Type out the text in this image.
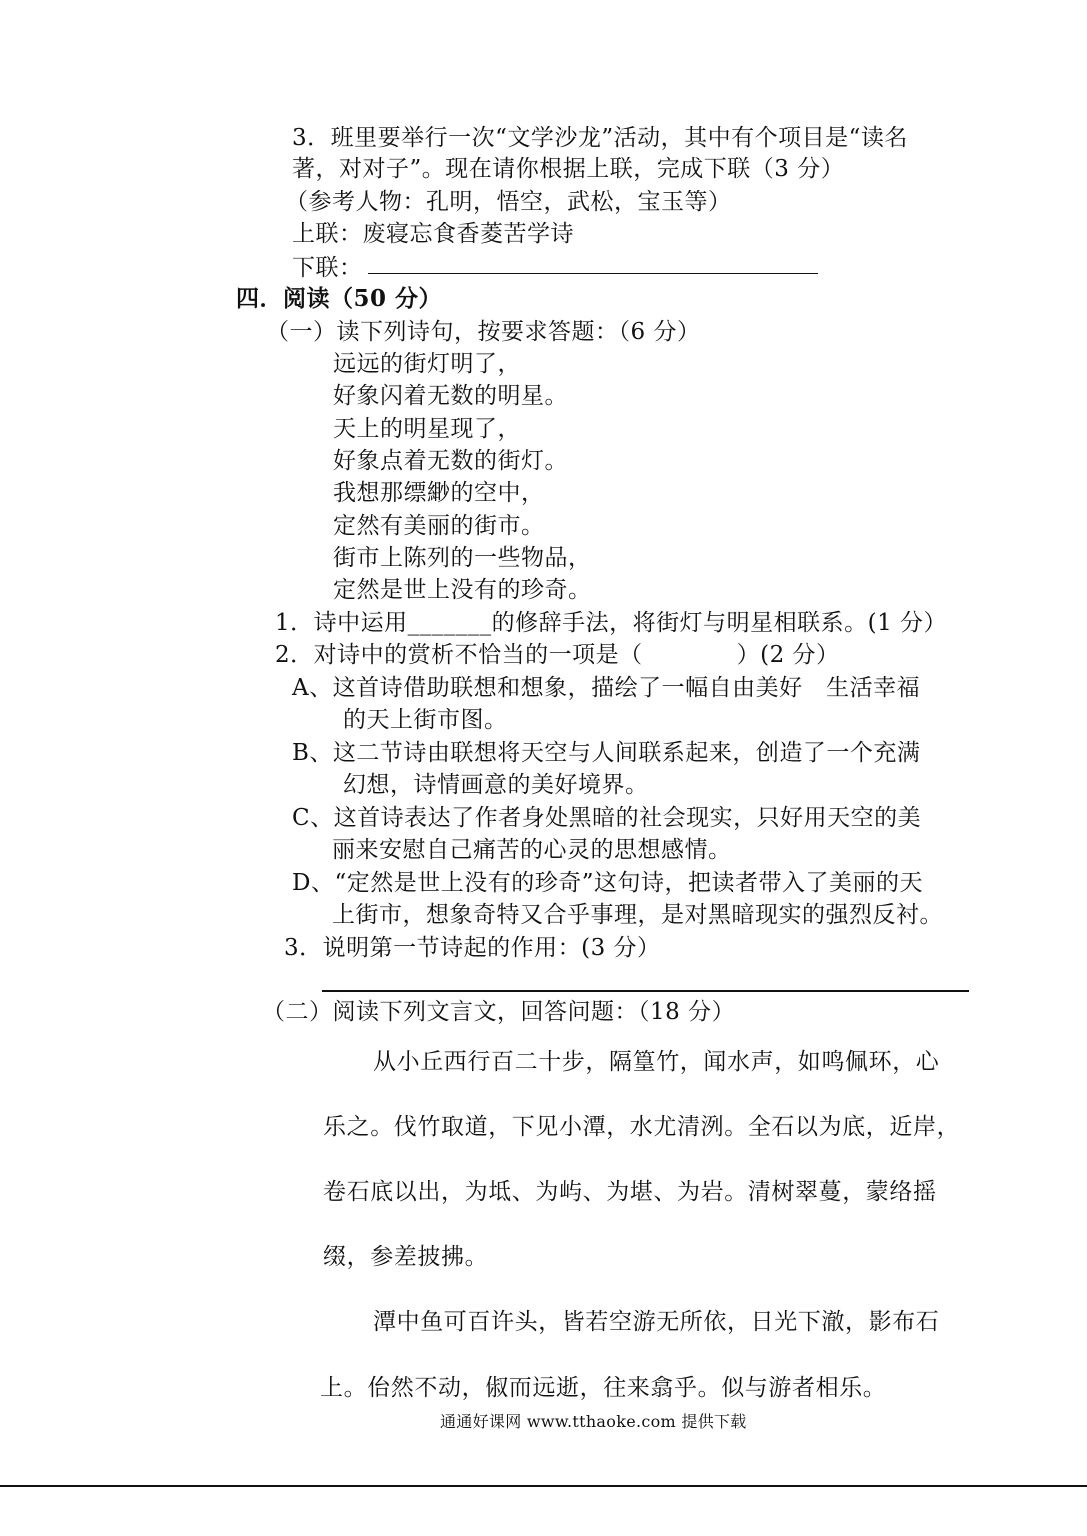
3．班里要举行一次“文学沙龙”活动，其中有个项目是“读名
著，对对子”。现在请你根据上联，完成下联（3 分）
（参考人物：孔明，悟空，武松，宝玉等）
上联：废寝忘食香菱苦学诗
下联：
四．阅读（50 分）
（一）读下列诗句，按要求答题：（6 分）
远远的街灯明了，
好象闪着无数的明星。
天上的明星现了，
好象点着无数的街灯。
我想那缥緲的空中，
定然有美丽的街市。
街市上陈列的一些物品，
定然是世上没有的珍奇。
1．诗中运用_______的修辞手法，将街灯与明星相联系。(1 分）
2．对诗中的赏析不恰当的一项是（　　　　）(2 分）
A、这首诗借助联想和想象，描绘了一幅自由美好　生活幸福
的天上街市图。
B、这二节诗由联想将天空与人间联系起来，创造了一个充满
幻想，诗情画意的美好境界。
C、这首诗表达了作者身处黑暗的社会现实，只好用天空的美
丽来安慰自己痛苦的心灵的思想感情。
D、“定然是世上没有的珍奇”这句诗，把读者带入了美丽的天
上街市，想象奇特又合乎事理，是对黑暗现实的强烈反衬。
3．说明第一节诗起的作用：(3 分）
（二）阅读下列文言文，回答问题：（18 分）
从小丘西行百二十步，隔篁竹，闻水声，如鸣佩环，心
乐之。伐竹取道，下见小潭，水尤清洌。全石以为底，近岸，
卷石底以出，为坻、为屿、为堪、为岩。清树翠蔓，蒙络摇
缀，参差披拂。
潭中鱼可百许头，皆若空游无所依，日光下澈，影布石
上。佁然不动，俶而远逝，往来翕乎。似与游者相乐。
通通好课网 www.tthaoke.com 提供下载
